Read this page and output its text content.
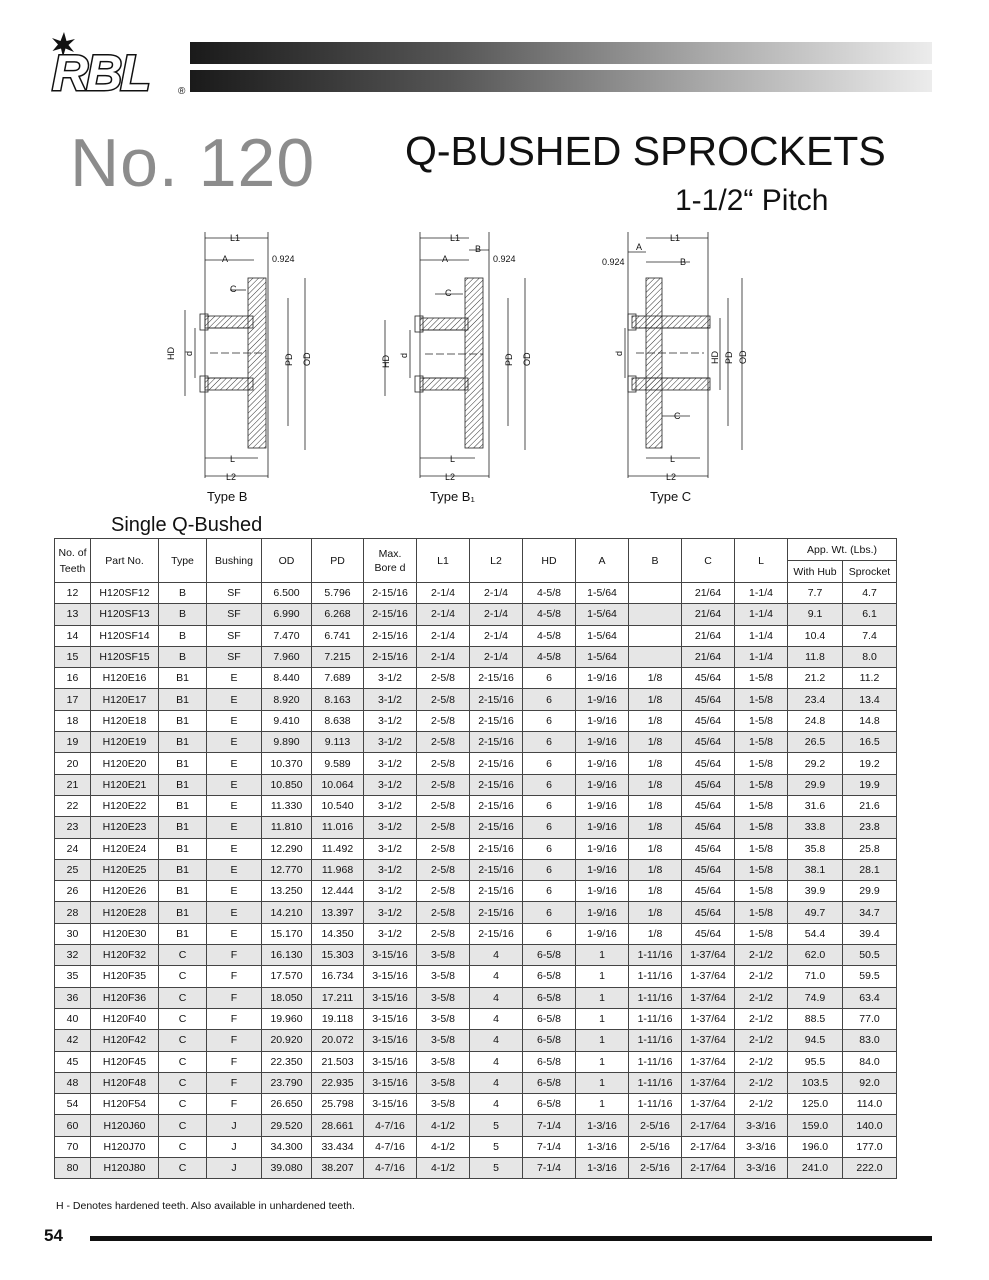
RBL	®
No. 120 Q-BUSHED SPROCKETS
1-1/2“ Pitch
L1
A
C
0.924
L
L2
HD d	PD OD
L1
A
B
C
0.924
L
L2
HD d	PD OD
L1
A
B
C
0.924
L
L2
d	HD PD OD
Type B	Type B₁	Type C
Single Q-Bushed
No. of Teeth	Part No.	Type	Bushing	OD	PD	Max. Bore d	L1	L2	HD	A	B	C	L	App. Wt. (Lbs.)	
														With Hub	Sprocket
12	H120SF12	B	SF	6.500	5.796	2-15/16	2-1/4	2-1/4	4-5/8	1-5/64		21/64	1-1/4	7.7	4.7
13	H120SF13	B	SF	6.990	6.268	2-15/16	2-1/4	2-1/4	4-5/8	1-5/64		21/64	1-1/4	9.1	6.1
14	H120SF14	B	SF	7.470	6.741	2-15/16	2-1/4	2-1/4	4-5/8	1-5/64		21/64	1-1/4	10.4	7.4
15	H120SF15	B	SF	7.960	7.215	2-15/16	2-1/4	2-1/4	4-5/8	1-5/64		21/64	1-1/4	11.8	8.0
16	H120E16	B1	E	8.440	7.689	3-1/2	2-5/8	2-15/16	6	1-9/16	1/8	45/64	1-5/8	21.2	11.2
17	H120E17	B1	E	8.920	8.163	3-1/2	2-5/8	2-15/16	6	1-9/16	1/8	45/64	1-5/8	23.4	13.4
18	H120E18	B1	E	9.410	8.638	3-1/2	2-5/8	2-15/16	6	1-9/16	1/8	45/64	1-5/8	24.8	14.8
19	H120E19	B1	E	9.890	9.113	3-1/2	2-5/8	2-15/16	6	1-9/16	1/8	45/64	1-5/8	26.5	16.5
20	H120E20	B1	E	10.370	9.589	3-1/2	2-5/8	2-15/16	6	1-9/16	1/8	45/64	1-5/8	29.2	19.2
21	H120E21	B1	E	10.850	10.064	3-1/2	2-5/8	2-15/16	6	1-9/16	1/8	45/64	1-5/8	29.9	19.9
22	H120E22	B1	E	11.330	10.540	3-1/2	2-5/8	2-15/16	6	1-9/16	1/8	45/64	1-5/8	31.6	21.6
23	H120E23	B1	E	11.810	11.016	3-1/2	2-5/8	2-15/16	6	1-9/16	1/8	45/64	1-5/8	33.8	23.8
24	H120E24	B1	E	12.290	11.492	3-1/2	2-5/8	2-15/16	6	1-9/16	1/8	45/64	1-5/8	35.8	25.8
25	H120E25	B1	E	12.770	11.968	3-1/2	2-5/8	2-15/16	6	1-9/16	1/8	45/64	1-5/8	38.1	28.1
26	H120E26	B1	E	13.250	12.444	3-1/2	2-5/8	2-15/16	6	1-9/16	1/8	45/64	1-5/8	39.9	29.9
28	H120E28	B1	E	14.210	13.397	3-1/2	2-5/8	2-15/16	6	1-9/16	1/8	45/64	1-5/8	49.7	34.7
30	H120E30	B1	E	15.170	14.350	3-1/2	2-5/8	2-15/16	6	1-9/16	1/8	45/64	1-5/8	54.4	39.4
32	H120F32	C	F	16.130	15.303	3-15/16	3-5/8	4	6-5/8	1	1-11/16	1-37/64	2-1/2	62.0	50.5
35	H120F35	C	F	17.570	16.734	3-15/16	3-5/8	4	6-5/8	1	1-11/16	1-37/64	2-1/2	71.0	59.5
36	H120F36	C	F	18.050	17.211	3-15/16	3-5/8	4	6-5/8	1	1-11/16	1-37/64	2-1/2	74.9	63.4
40	H120F40	C	F	19.960	19.118	3-15/16	3-5/8	4	6-5/8	1	1-11/16	1-37/64	2-1/2	88.5	77.0
42	H120F42	C	F	20.920	20.072	3-15/16	3-5/8	4	6-5/8	1	1-11/16	1-37/64	2-1/2	94.5	83.0
45	H120F45	C	F	22.350	21.503	3-15/16	3-5/8	4	6-5/8	1	1-11/16	1-37/64	2-1/2	95.5	84.0
48	H120F48	C	F	23.790	22.935	3-15/16	3-5/8	4	6-5/8	1	1-11/16	1-37/64	2-1/2	103.5	92.0
54	H120F54	C	F	26.650	25.798	3-15/16	3-5/8	4	6-5/8	1	1-11/16	1-37/64	2-1/2	125.0	114.0
60	H120J60	C	J	29.520	28.661	4-7/16	4-1/2	5	7-1/4	1-3/16	2-5/16	2-17/64	3-3/16	159.0	140.0
70	H120J70	C	J	34.300	33.434	4-7/16	4-1/2	5	7-1/4	1-3/16	2-5/16	2-17/64	3-3/16	196.0	177.0
80	H120J80	C	J	39.080	38.207	4-7/16	4-1/2	5	7-1/4	1-3/16	2-5/16	2-17/64	3-3/16	241.0	222.0
H - Denotes hardened teeth. Also available in unhardened teeth.
54
